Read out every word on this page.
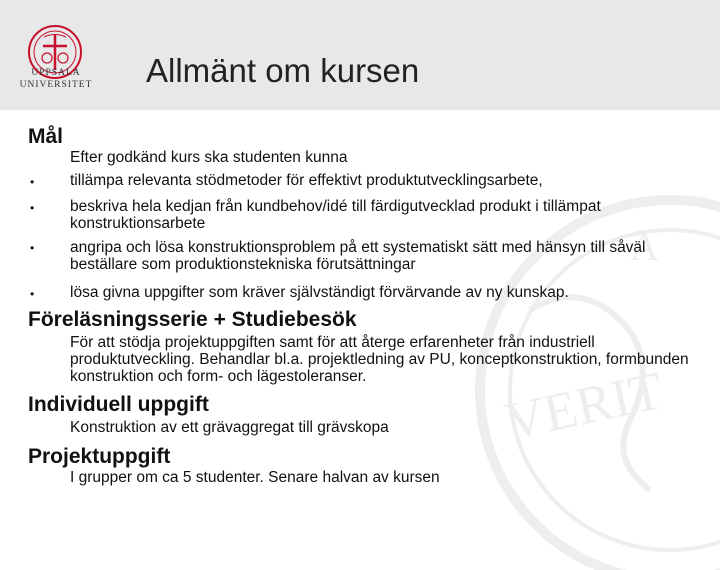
UPPSALA
UNIVERSITET Allmänt om kursen
VERIT
A
Mål
Efter godkänd kurs ska studenten kunna
• tillämpa relevanta stödmetoder för effektivt produktutvecklingsarbete,
• beskriva hela kedjan från kundbehov/idé till färdigutvecklad produkt i tillämpat konstruktionsarbete
• angripa och lösa konstruktionsproblem på ett systematiskt sätt med hänsyn till såväl beställare som produktionstekniska förutsättningar
• lösa givna uppgifter som kräver självständigt förvärvande av ny kunskap.
Föreläsningsserie + Studiebesök
För att stödja projektuppgiften samt för att återge erfarenheter från industriell produktutveckling. Behandlar bl.a. projektledning av PU, konceptkonstruktion, formbunden konstruktion och form- och lägestoleranser.
Individuell uppgift
Konstruktion av ett grävaggregat till grävskopa
Projektuppgift
I grupper om ca 5 studenter. Senare halvan av kursen
